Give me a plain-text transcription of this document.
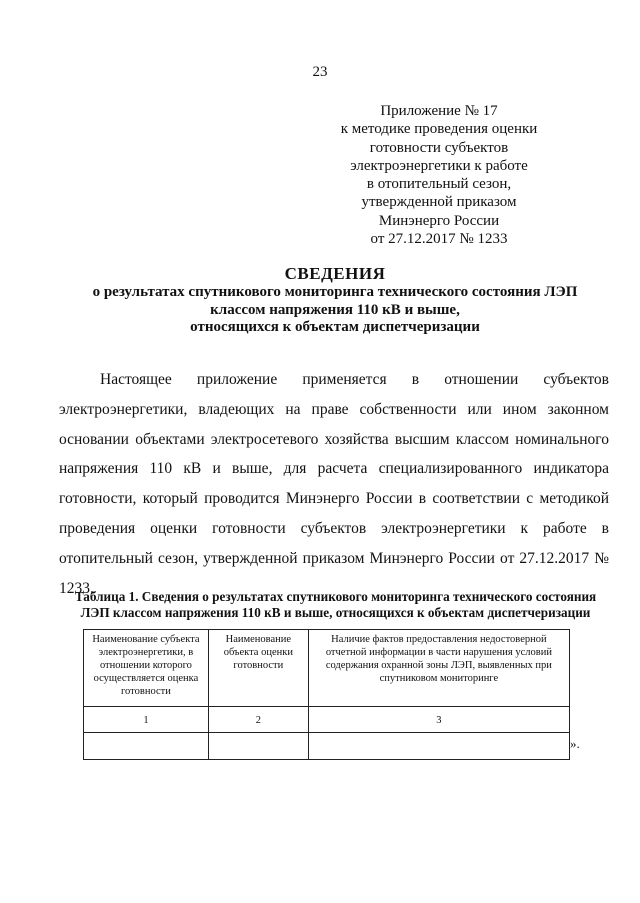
23
Приложение № 17
к методике проведения оценки
готовности субъектов
электроэнергетики к работе
в отопительный сезон,
утвержденной приказом
Минэнерго России
от 27.12.2017 № 1233
СВЕДЕНИЯ
о результатах спутникового мониторинга технического состояния ЛЭП
классом напряжения 110 кВ и выше,
относящихся к объектам диспетчеризации

Настоящее приложение применяется в отношении субъектов электроэнергетики, владеющих на праве собственности или ином законном основании объектами электросетевого хозяйства высшим классом номинального напряжения 110 кВ и выше, для расчета специализированного индикатора готовности, который проводится Минэнерго России в соответствии с методикой проведения оценки готовности субъектов электроэнергетики к работе в отопительный сезон, утвержденной приказом Минэнерго России от 27.12.2017 № 1233.

Таблица 1. Сведения о результатах спутникового мониторинга технического состояния
ЛЭП классом напряжения 110 кВ и выше, относящихся к объектам диспетчеризации
Наименование субъекта электроэнергетики, в отношении которого осуществляется оценка готовности	Наименование объекта оценки готовности	Наличие фактов предоставления недостоверной отчетной информации в части нарушения условий содержания охранной зоны ЛЭП, выявленных при спутниковом мониторинге
1	2	3

».
